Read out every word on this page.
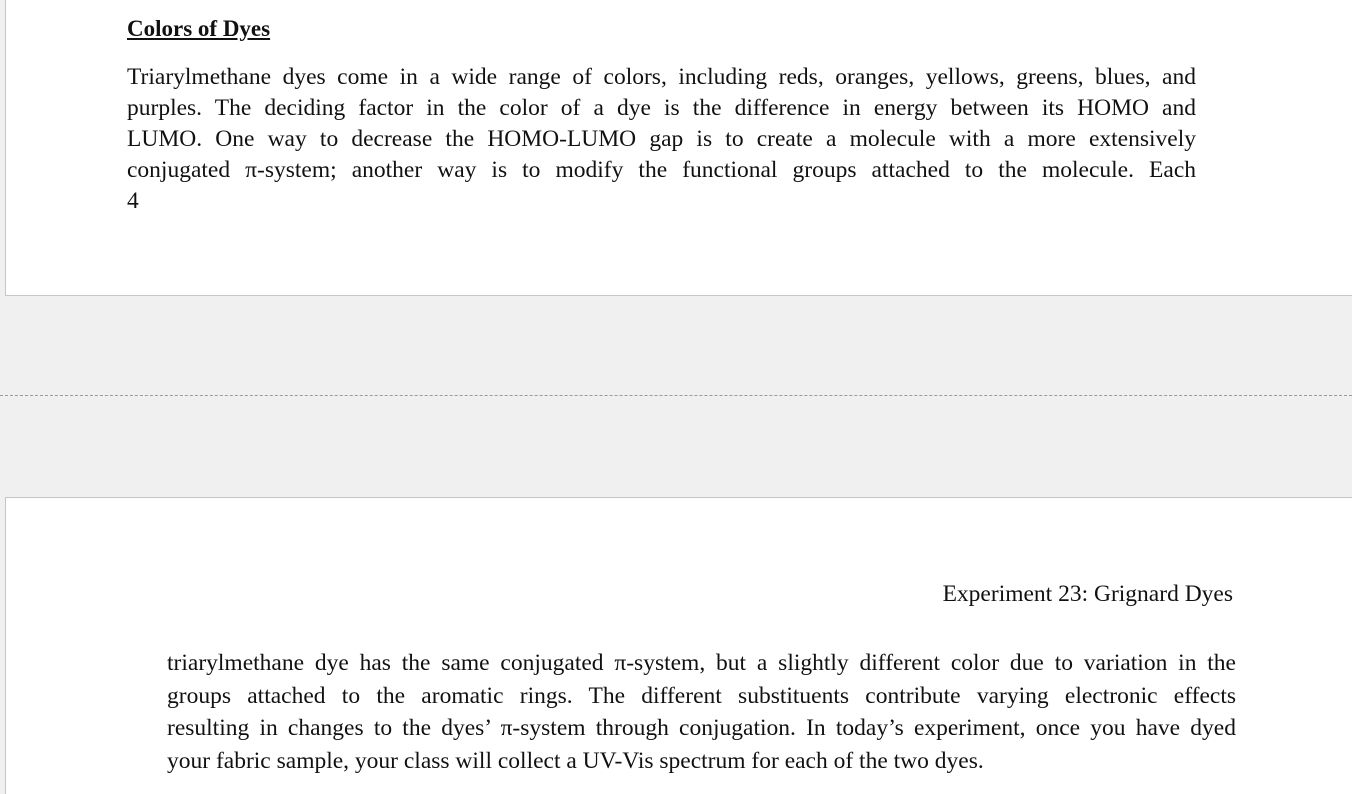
Colors of Dyes

Triarylmethane dyes come in a wide range of colors, including reds, oranges, yellows, greens, blues, and
purples. The deciding factor in the color of a dye is the difference in energy between its HOMO and
LUMO. One way to decrease the HOMO-LUMO gap is to create a molecule with a more extensively
conjugated π-system; another way is to modify the functional groups attached to the molecule. Each
4

Experiment 23: Grignard Dyes

triarylmethane dye has the same conjugated π-system, but a slightly different color due to variation in the
groups attached to the aromatic rings. The different substituents contribute varying electronic effects
resulting in changes to the dyes’ π-system through conjugation. In today’s experiment, once you have dyed
your fabric sample, your class will collect a UV-Vis spectrum for each of the two dyes.
